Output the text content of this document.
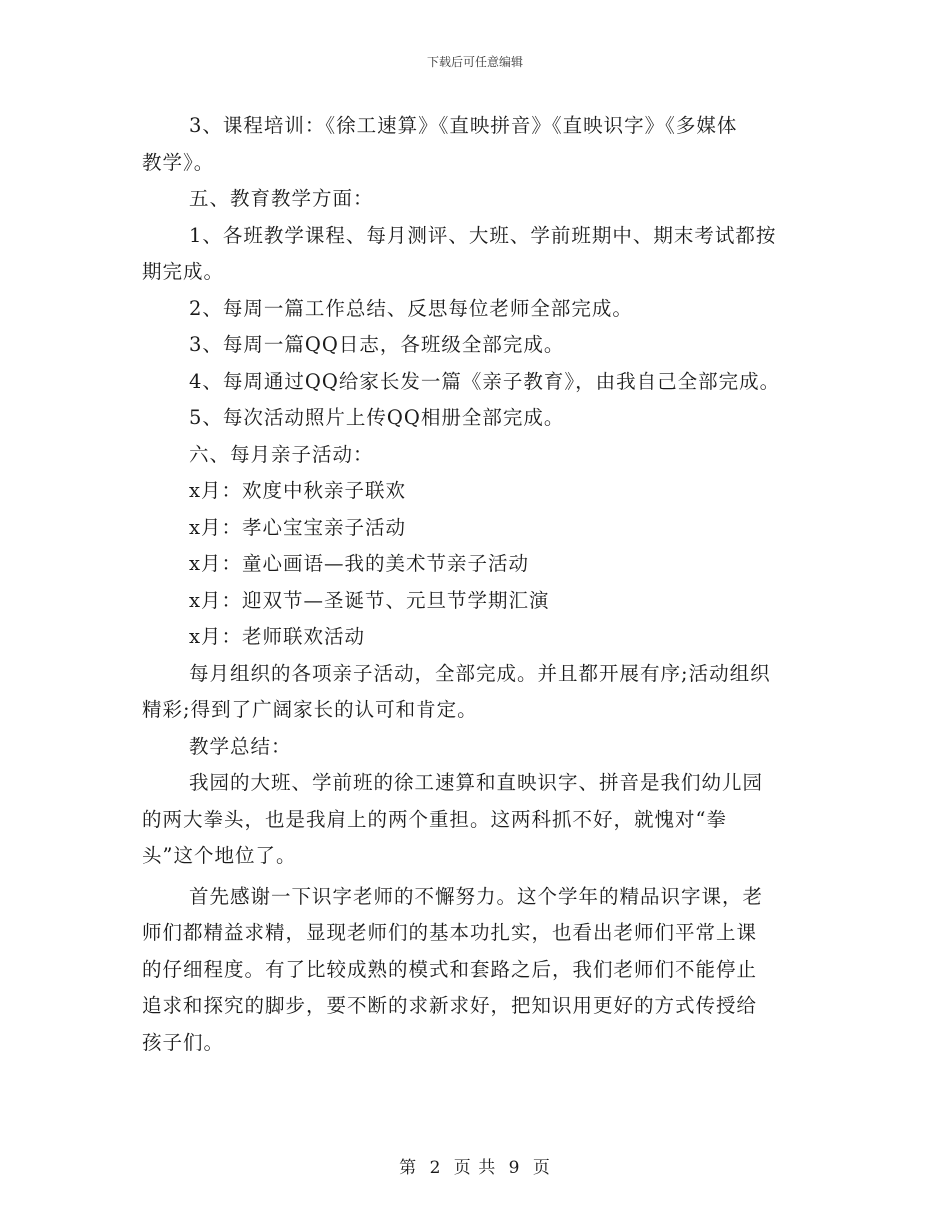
下载后可任意编辑
3、课程培训：《徐工速算》《直映拼音》《直映识字》《多媒体
教学》。
五、教育教学方面：
1、各班教学课程、每月测评、大班、学前班期中、期末考试都按
期完成。
2、每周一篇工作总结、反思每位老师全部完成。
3、每周一篇QQ日志，各班级全部完成。
4、每周通过QQ给家长发一篇《亲子教育》，由我自己全部完成。
5、每次活动照片上传QQ相册全部完成。
六、每月亲子活动：
x月：欢度中秋亲子联欢
x月：孝心宝宝亲子活动
x月：童心画语—我的美术节亲子活动
x月：迎双节—圣诞节、元旦节学期汇演
x月：老师联欢活动
每月组织的各项亲子活动，全部完成。并且都开展有序;活动组织
精彩;得到了广阔家长的认可和肯定。
教学总结：
我园的大班、学前班的徐工速算和直映识字、拼音是我们幼儿园
的两大拳头，也是我肩上的两个重担。这两科抓不好，就愧对“拳
头”这个地位了。
首先感谢一下识字老师的不懈努力。这个学年的精品识字课，老
师们都精益求精，显现老师们的基本功扎实，也看出老师们平常上课
的仔细程度。有了比较成熟的模式和套路之后，我们老师们不能停止
追求和探究的脚步，要不断的求新求好，把知识用更好的方式传授给
孩子们。
第 2 页 共 9 页
